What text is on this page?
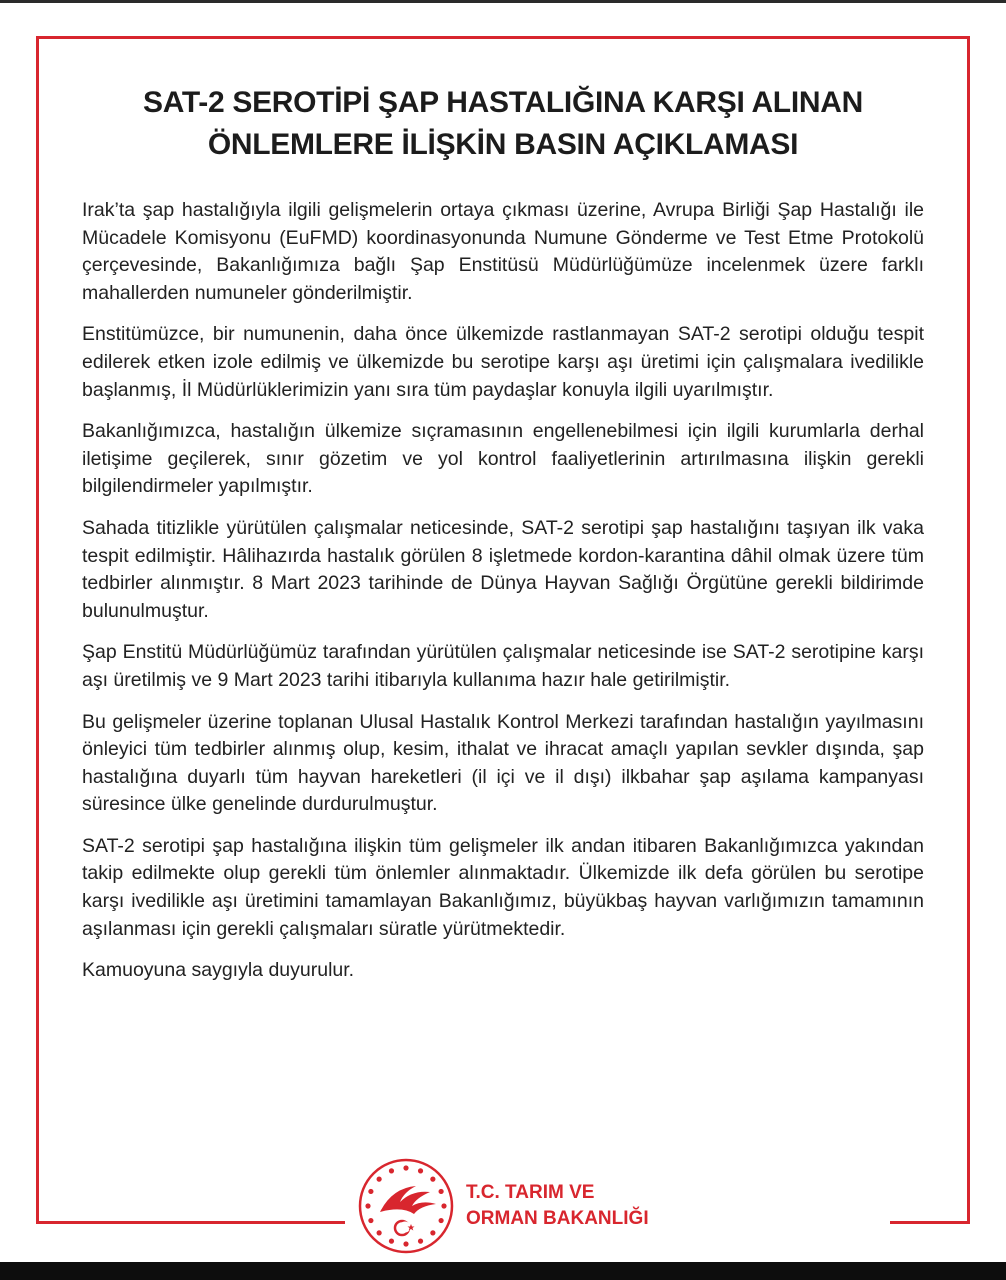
SAT-2 SEROTİPİ ŞAP HASTALIĞINA KARŞI ALINAN
ÖNLEMLERE İLİŞKİN BASIN AÇIKLAMASI

Irak’ta şap hastalığıyla ilgili gelişmelerin ortaya çıkması üzerine, Avrupa Birliği Şap Hastalığı ile Mücadele Komisyonu (EuFMD) koordinasyonunda Numune Gönderme ve Test Etme Protokolü çerçevesinde, Bakanlığımıza bağlı Şap Enstitüsü Müdürlüğümüze incelenmek üzere farklı mahallerden numuneler gönderilmiştir.

Enstitümüzce, bir numunenin, daha önce ülkemizde rastlanmayan SAT-2 serotipi olduğu tespit edilerek etken izole edilmiş ve ülkemizde bu serotipe karşı aşı üretimi için çalışmalara ivedilikle başlanmış, İl Müdürlüklerimizin yanı sıra tüm paydaşlar konuyla ilgili uyarılmıştır.

Bakanlığımızca, hastalığın ülkemize sıçramasının engellenebilmesi için ilgili kurumlarla derhal iletişime geçilerek, sınır gözetim ve yol kontrol faaliyetlerinin artırılmasına ilişkin gerekli bilgilendirmeler yapılmıştır.

Sahada titizlikle yürütülen çalışmalar neticesinde, SAT-2 serotipi şap hastalığını taşıyan ilk vaka tespit edilmiştir. Hâlihazırda hastalık görülen 8 işletmede kordon-karantina dâhil olmak üzere tüm tedbirler alınmıştır. 8 Mart 2023 tarihinde de Dünya Hayvan Sağlığı Örgütüne gerekli bildirimde bulunulmuştur.

Şap Enstitü Müdürlüğümüz tarafından yürütülen çalışmalar neticesinde ise SAT-2 serotipine karşı aşı üretilmiş ve 9 Mart 2023 tarihi itibarıyla kullanıma hazır hale getirilmiştir.

Bu gelişmeler üzerine toplanan Ulusal Hastalık Kontrol Merkezi tarafından hastalığın yayılmasını önleyici tüm tedbirler alınmış olup, kesim, ithalat ve ihracat amaçlı yapılan sevkler dışında, şap hastalığına duyarlı tüm hayvan hareketleri (il içi ve il dışı) ilkbahar şap aşılama kampanyası süresince ülke genelinde durdurulmuştur.

SAT-2 serotipi şap hastalığına ilişkin tüm gelişmeler ilk andan itibaren Bakanlığımızca yakından takip edilmekte olup gerekli tüm önlemler alınmaktadır. Ülkemizde ilk defa görülen bu serotipe karşı ivedilikle aşı üretimini tamamlayan Bakanlığımız, büyükbaş hayvan varlığımızın tamamının aşılanması için gerekli çalışmaları süratle yürütmektedir.

Kamuoyuna saygıyla duyurulur.

T.C. TARIM VE
ORMAN BAKANLIĞI
